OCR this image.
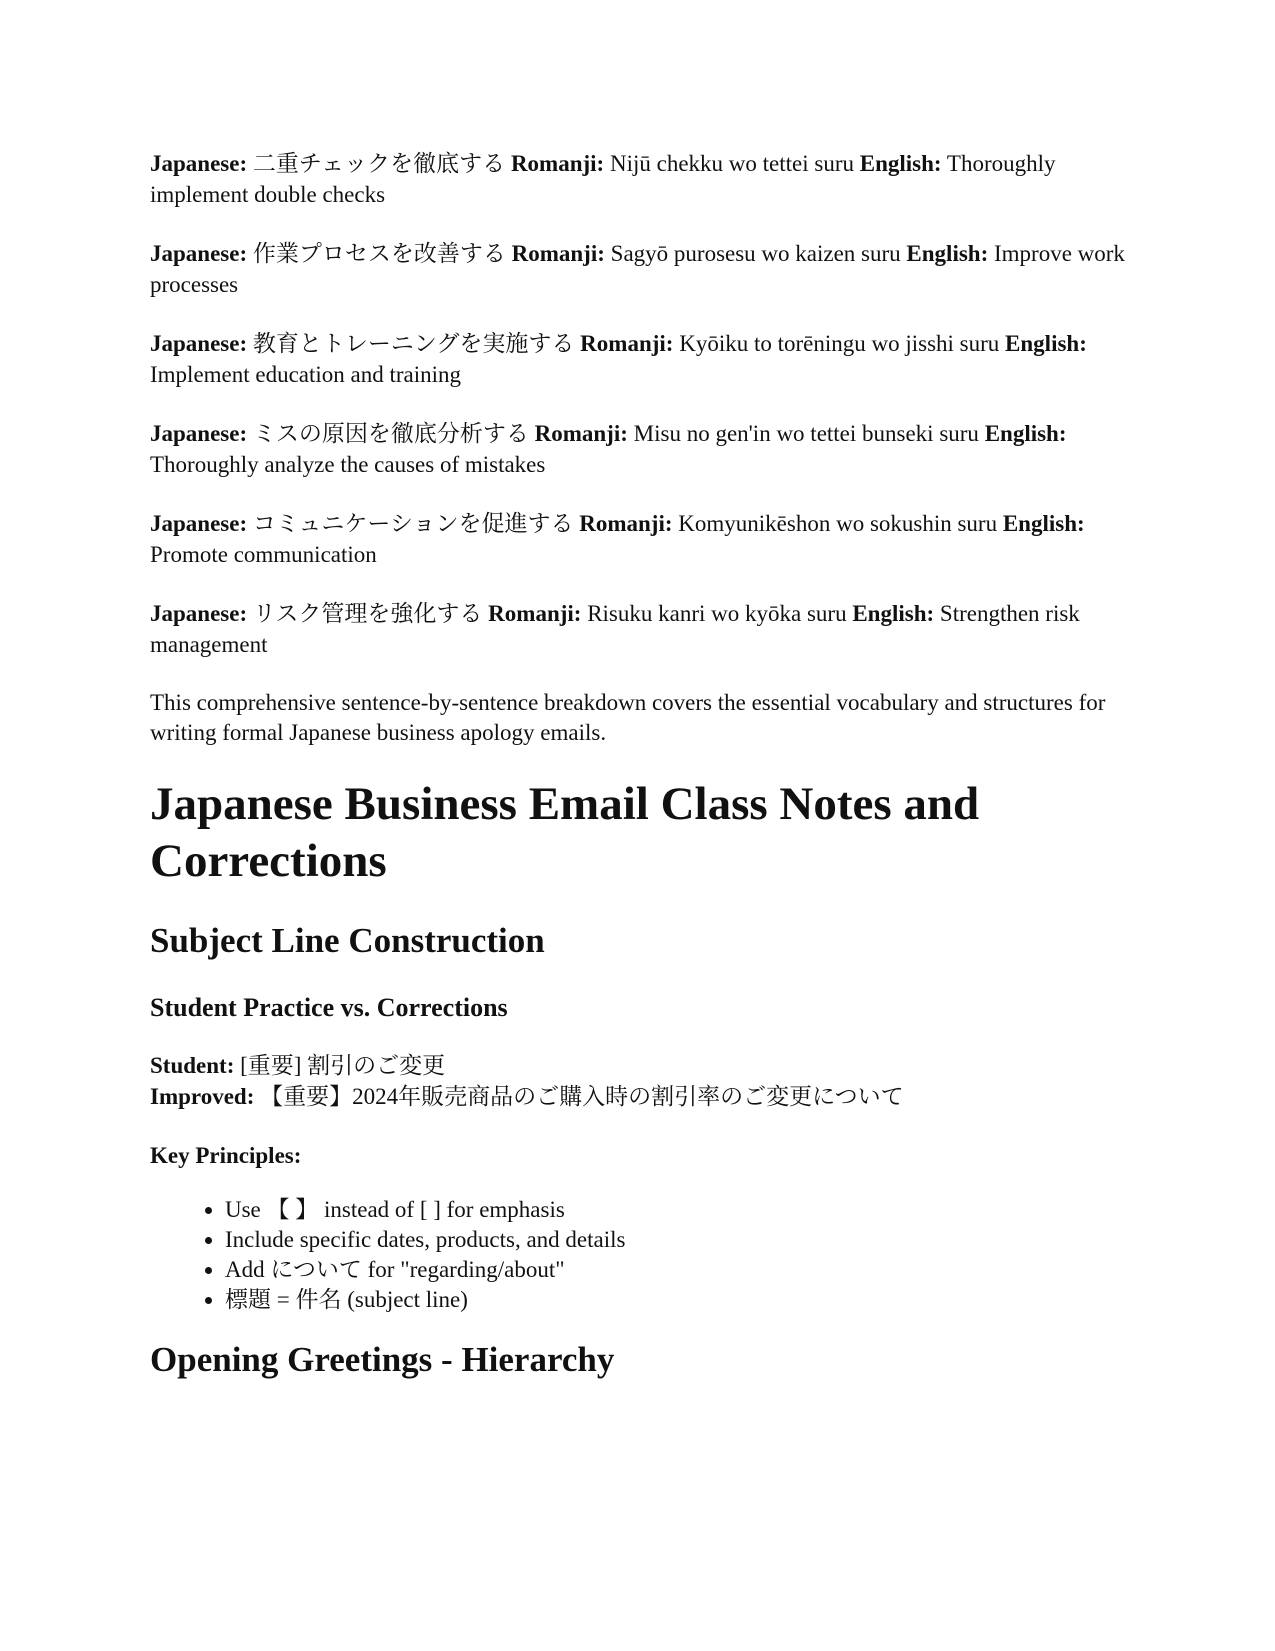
Japanese: 二重チェックを徹底する Romanji: Nijū chekku wo tettei suru English: Thoroughly implement double checks

Japanese: 作業プロセスを改善する Romanji: Sagyō purosesu wo kaizen suru English: Improve work processes

Japanese: 教育とトレーニングを実施する Romanji: Kyōiku to torēningu wo jisshi suru English: Implement education and training

Japanese: ミスの原因を徹底分析する Romanji: Misu no gen'in wo tettei bunseki suru English: Thoroughly analyze the causes of mistakes

Japanese: コミュニケーションを促進する Romanji: Komyunikēshon wo sokushin suru English: Promote communication

Japanese: リスク管理を強化する Romanji: Risuku kanri wo kyōka suru English: Strengthen risk management

This comprehensive sentence-by-sentence breakdown covers the essential vocabulary and structures for writing formal Japanese business apology emails.

Japanese Business Email Class Notes and Corrections
Subject Line Construction
Student Practice vs. Corrections
Student: [重要] 割引のご変更
Improved: 【重要】2024年販売商品のご購入時の割引率のご変更について

Key Principles:

• Use 【 】 instead of [ ] for emphasis
• Include specific dates, products, and details
• Add について for "regarding/about"
• 標題 = 件名 (subject line)
Opening Greetings - Hierarchy
